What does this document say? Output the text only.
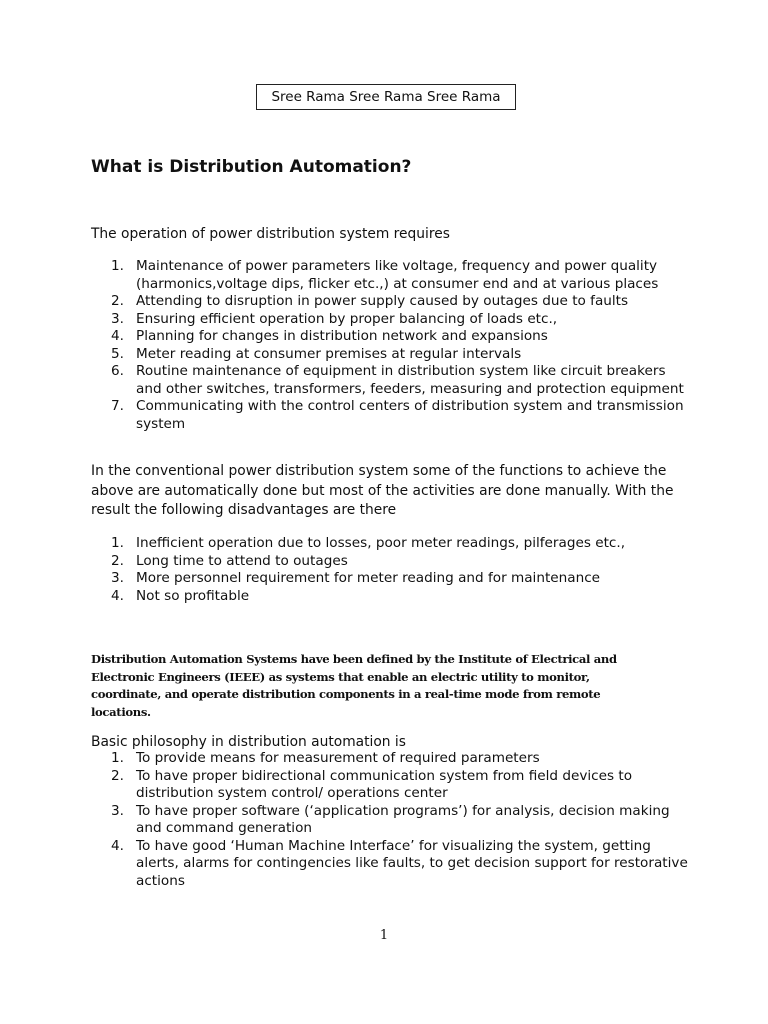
Sree Rama Sree Rama Sree Rama
What is Distribution Automation?

The operation of power distribution system requires

1. Maintenance of power parameters like voltage, frequency and power quality (harmonics,voltage dips, flicker etc.,) at consumer end and at various places
2. Attending to disruption in power supply caused by outages due to faults
3. Ensuring efficient operation by proper balancing of loads etc.,
4. Planning for changes in distribution network and expansions
5. Meter reading at consumer premises at regular intervals
6. Routine maintenance of equipment in distribution system like circuit breakers and other switches, transformers, feeders, measuring and protection equipment
7. Communicating with the control centers of distribution system and transmission system

In the conventional power distribution system some of the functions to achieve the above are automatically done but most of the activities are done manually. With the result the following disadvantages are there

1. Inefficient operation due to losses, poor meter readings, pilferages etc.,
2. Long time to attend to outages
3. More personnel requirement for meter reading and for maintenance
4. Not so profitable

Distribution Automation Systems have been defined by the Institute of Electrical and Electronic Engineers (IEEE) as systems that enable an electric utility to monitor, coordinate, and operate distribution components in a real-time mode from remote locations.

Basic philosophy in distribution automation is

1. To provide means for measurement of required parameters
2. To have proper bidirectional communication system from field devices to distribution system control/ operations center
3. To have proper software (‘application programs’) for analysis, decision making and command generation
4. To have good ‘Human Machine Interface’ for visualizing the system, getting alerts, alarms for contingencies like faults, to get decision support for restorative actions
1
